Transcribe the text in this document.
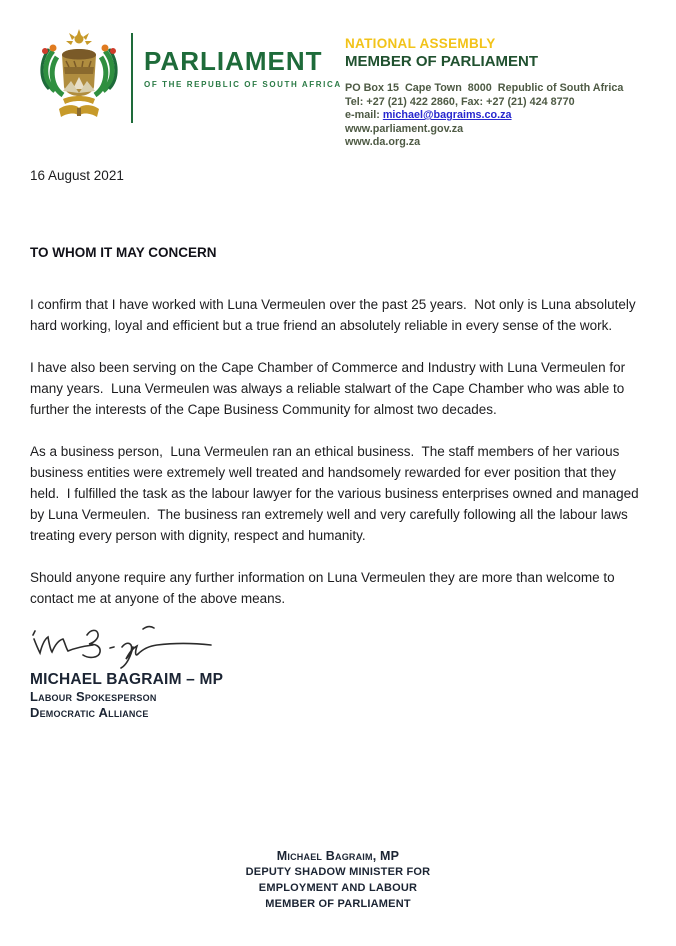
PARLIAMENT
OF THE REPUBLIC OF SOUTH AFRICA
NATIONAL ASSEMBLY
MEMBER OF PARLIAMENT
PO Box 15  Cape Town  8000  Republic of South Africa
Tel: +27 (21) 422 2860, Fax: +27 (21) 424 8770
e-mail: michael@bagraims.co.za
www.parliament.gov.za
www.da.org.za
16 August 2021
TO WHOM IT MAY CONCERN

I confirm that I have worked with Luna Vermeulen over the past 25 years.  Not only is Luna absolutely hard working, loyal and efficient but a true friend an absolutely reliable in every sense of the work.

I have also been serving on the Cape Chamber of Commerce and Industry with Luna Vermeulen for many years.  Luna Vermeulen was always a reliable stalwart of the Cape Chamber who was able to further the interests of the Cape Business Community for almost two decades.

As a business person,  Luna Vermeulen ran an ethical business.  The staff members of her various business entities were extremely well treated and handsomely rewarded for ever position that they held.  I fulfilled the task as the labour lawyer for the various business enterprises owned and managed by Luna Vermeulen.  The business ran extremely well and very carefully following all the labour laws treating every person with dignity, respect and humanity.

Should anyone require any further information on Luna Vermeulen they are more than welcome to contact me at anyone of the above means.

MICHAEL BAGRAIM – MP
Labour Spokesperson
Democratic Alliance
Michael Bagraim, MP
DEPUTY SHADOW MINISTER FOR
EMPLOYMENT AND LABOUR
MEMBER OF PARLIAMENT
